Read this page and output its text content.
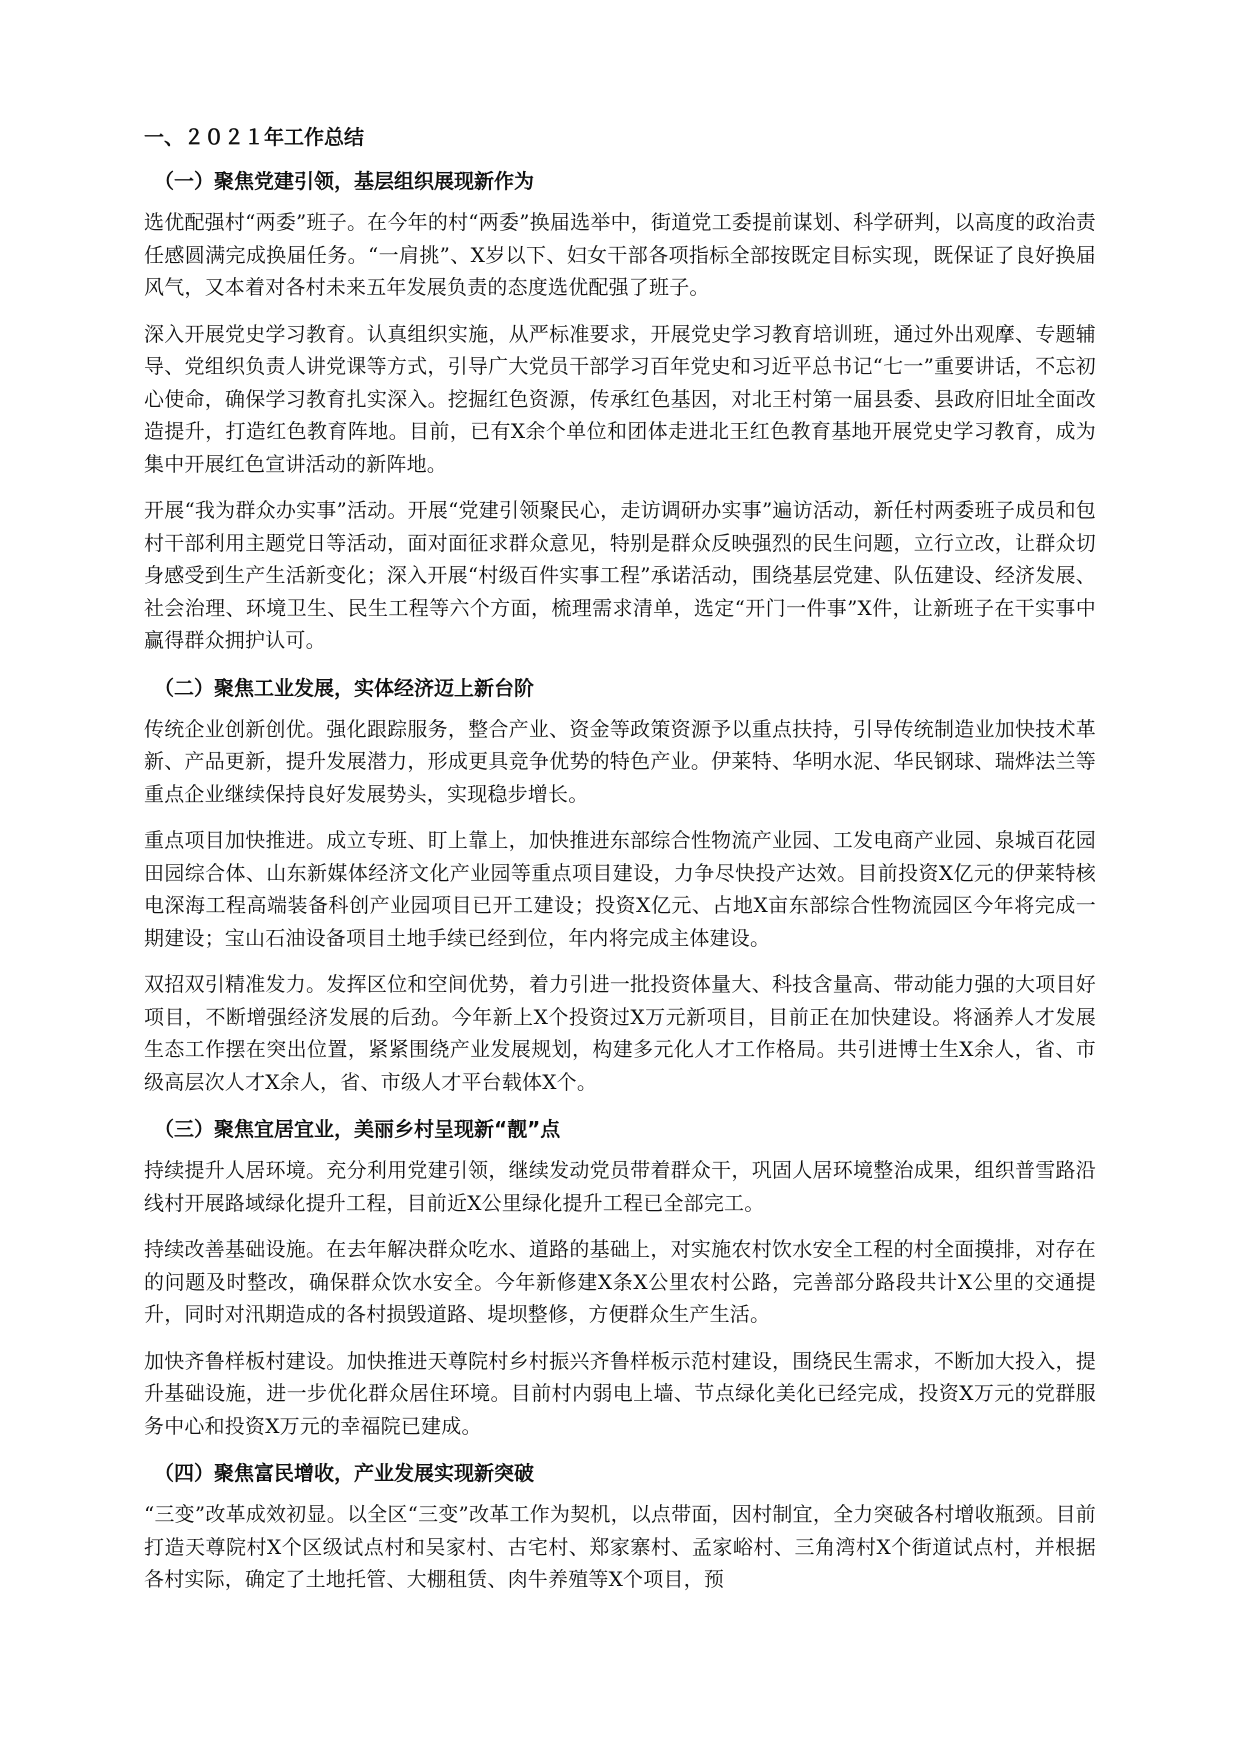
一、２０２１年工作总结
（一）聚焦党建引领，基层组织展现新作为

选优配强村“两委”班子。在今年的村“两委”换届选举中，街道党工委提前谋划、科学研判，以高度的政治责任感圆满完成换届任务。“一肩挑”、X岁以下、妇女干部各项指标全部按既定目标实现，既保证了良好换届风气，又本着对各村未来五年发展负责的态度选优配强了班子。

深入开展党史学习教育。认真组织实施，从严标准要求，开展党史学习教育培训班，通过外出观摩、专题辅导、党组织负责人讲党课等方式，引导广大党员干部学习百年党史和习近平总书记“七一”重要讲话，不忘初心使命，确保学习教育扎实深入。挖掘红色资源，传承红色基因，对北王村第一届县委、县政府旧址全面改造提升，打造红色教育阵地。目前，已有X余个单位和团体走进北王红色教育基地开展党史学习教育，成为集中开展红色宣讲活动的新阵地。

开展“我为群众办实事”活动。开展“党建引领聚民心，走访调研办实事”遍访活动，新任村两委班子成员和包村干部利用主题党日等活动，面对面征求群众意见，特别是群众反映强烈的民生问题，立行立改，让群众切身感受到生产生活新变化；深入开展“村级百件实事工程”承诺活动，围绕基层党建、队伍建设、经济发展、社会治理、环境卫生、民生工程等六个方面，梳理需求清单，选定“开门一件事”X件，让新班子在干实事中赢得群众拥护认可。

（二）聚焦工业发展，实体经济迈上新台阶

传统企业创新创优。强化跟踪服务，整合产业、资金等政策资源予以重点扶持，引导传统制造业加快技术革新、产品更新，提升发展潜力，形成更具竞争优势的特色产业。伊莱特、华明水泥、华民钢球、瑞烨法兰等重点企业继续保持良好发展势头，实现稳步增长。

重点项目加快推进。成立专班、盯上靠上，加快推进东部综合性物流产业园、工发电商产业园、泉城百花园田园综合体、山东新媒体经济文化产业园等重点项目建设，力争尽快投产达效。目前投资X亿元的伊莱特核电深海工程高端装备科创产业园项目已开工建设；投资X亿元、占地X亩东部综合性物流园区今年将完成一期建设；宝山石油设备项目土地手续已经到位，年内将完成主体建设。

双招双引精准发力。发挥区位和空间优势，着力引进一批投资体量大、科技含量高、带动能力强的大项目好项目，不断增强经济发展的后劲。今年新上X个投资过X万元新项目，目前正在加快建设。将涵养人才发展生态工作摆在突出位置，紧紧围绕产业发展规划，构建多元化人才工作格局。共引进博士生X余人，省、市级高层次人才X余人，省、市级人才平台载体X个。

（三）聚焦宜居宜业，美丽乡村呈现新“靓”点

持续提升人居环境。充分利用党建引领，继续发动党员带着群众干，巩固人居环境整治成果，组织普雪路沿线村开展路域绿化提升工程，目前近X公里绿化提升工程已全部完工。

持续改善基础设施。在去年解决群众吃水、道路的基础上，对实施农村饮水安全工程的村全面摸排，对存在的问题及时整改，确保群众饮水安全。今年新修建X条X公里农村公路，完善部分路段共计X公里的交通提升，同时对汛期造成的各村损毁道路、堤坝整修，方便群众生产生活。

加快齐鲁样板村建设。加快推进天尊院村乡村振兴齐鲁样板示范村建设，围绕民生需求，不断加大投入，提升基础设施，进一步优化群众居住环境。目前村内弱电上墙、节点绿化美化已经完成，投资X万元的党群服务中心和投资X万元的幸福院已建成。

（四）聚焦富民增收，产业发展实现新突破

“三变”改革成效初显。以全区“三变”改革工作为契机，以点带面，因村制宜，全力突破各村增收瓶颈。目前打造天尊院村X个区级试点村和吴家村、古宅村、郑家寨村、孟家峪村、三角湾村X个街道试点村，并根据各村实际，确定了土地托管、大棚租赁、肉牛养殖等X个项目，预
